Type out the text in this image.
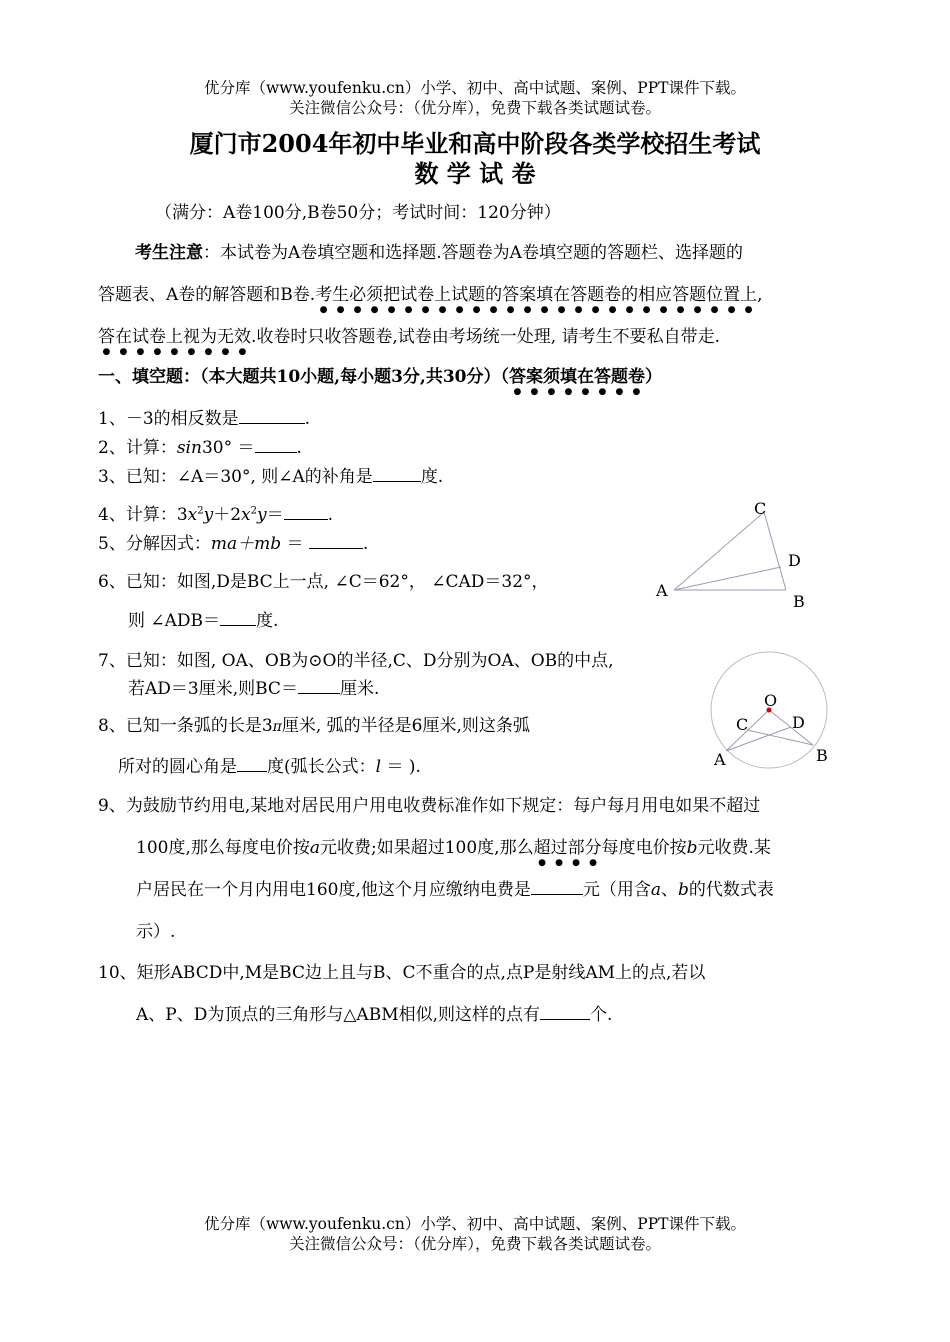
优分库（www.youfenku.cn）小学、初中、高中试题、案例、PPT课件下载。
关注微信公众号：（优分库），免费下载各类试题试卷。
厦门市2004年初中毕业和高中阶段各类学校招生考试
数 学 试 卷
（满分：A卷100分,B卷50分；考试时间：120分钟）
考生注意：本试卷为A卷填空题和选择题.答题卷为A卷填空题的答题栏、选择题的
答题表、A卷的解答题和B卷.考生必须把试卷上试题的答案填在答题卷的相应答题位置上,
答在试卷上视为无效.收卷时只收答题卷,试卷由考场统一处理, 请考生不要私自带走.
一、填空题：（本大题共10小题,每小题3分,共30分）（答案须填在答题卷）
1、－3的相反数是	.
2、计算：sin30° ＝ .
3、已知：∠A＝30°, 则∠A的补角是	度.
4、计算：$3x^2y+2x^2y=$	.
5、分解因式：ma＋mb ＝	.
6、已知：如图,D是BC上一点, ∠C＝62°， ∠CAD＝32°，
则 ∠ADB＝ 度.
7、已知：如图, OA、OB为⊙O的半径,C、D分别为OA、OB的中点,
若AD＝3厘米,则BC＝ 厘米.
8、已知一条弧的长是3π厘米, 弧的半径是6厘米,则这条弧
所对的圆心角是 度(弧长公式：l ＝ ).
9、为鼓励节约用电,某地对居民用户用电收费标准作如下规定：每户每月用电如果不超过
100度,那么每度电价按a元收费;如果超过100度,那么超过部分每度电价按b元收费.某
户居民在一个月内用电160度,他这个月应缴纳电费是	元（用含a、b的代数式表
示）.
10、矩形ABCD中,M是BC边上且与B、C不重合的点,点P是射线AM上的点,若以
A、P、D为顶点的三角形与△ABM相似,则这样的点有	个.
C
D
A
B
O
C	D
A	B
优分库（www.youfenku.cn）小学、初中、高中试题、案例、PPT课件下载。
关注微信公众号：（优分库），免费下载各类试题试卷。
